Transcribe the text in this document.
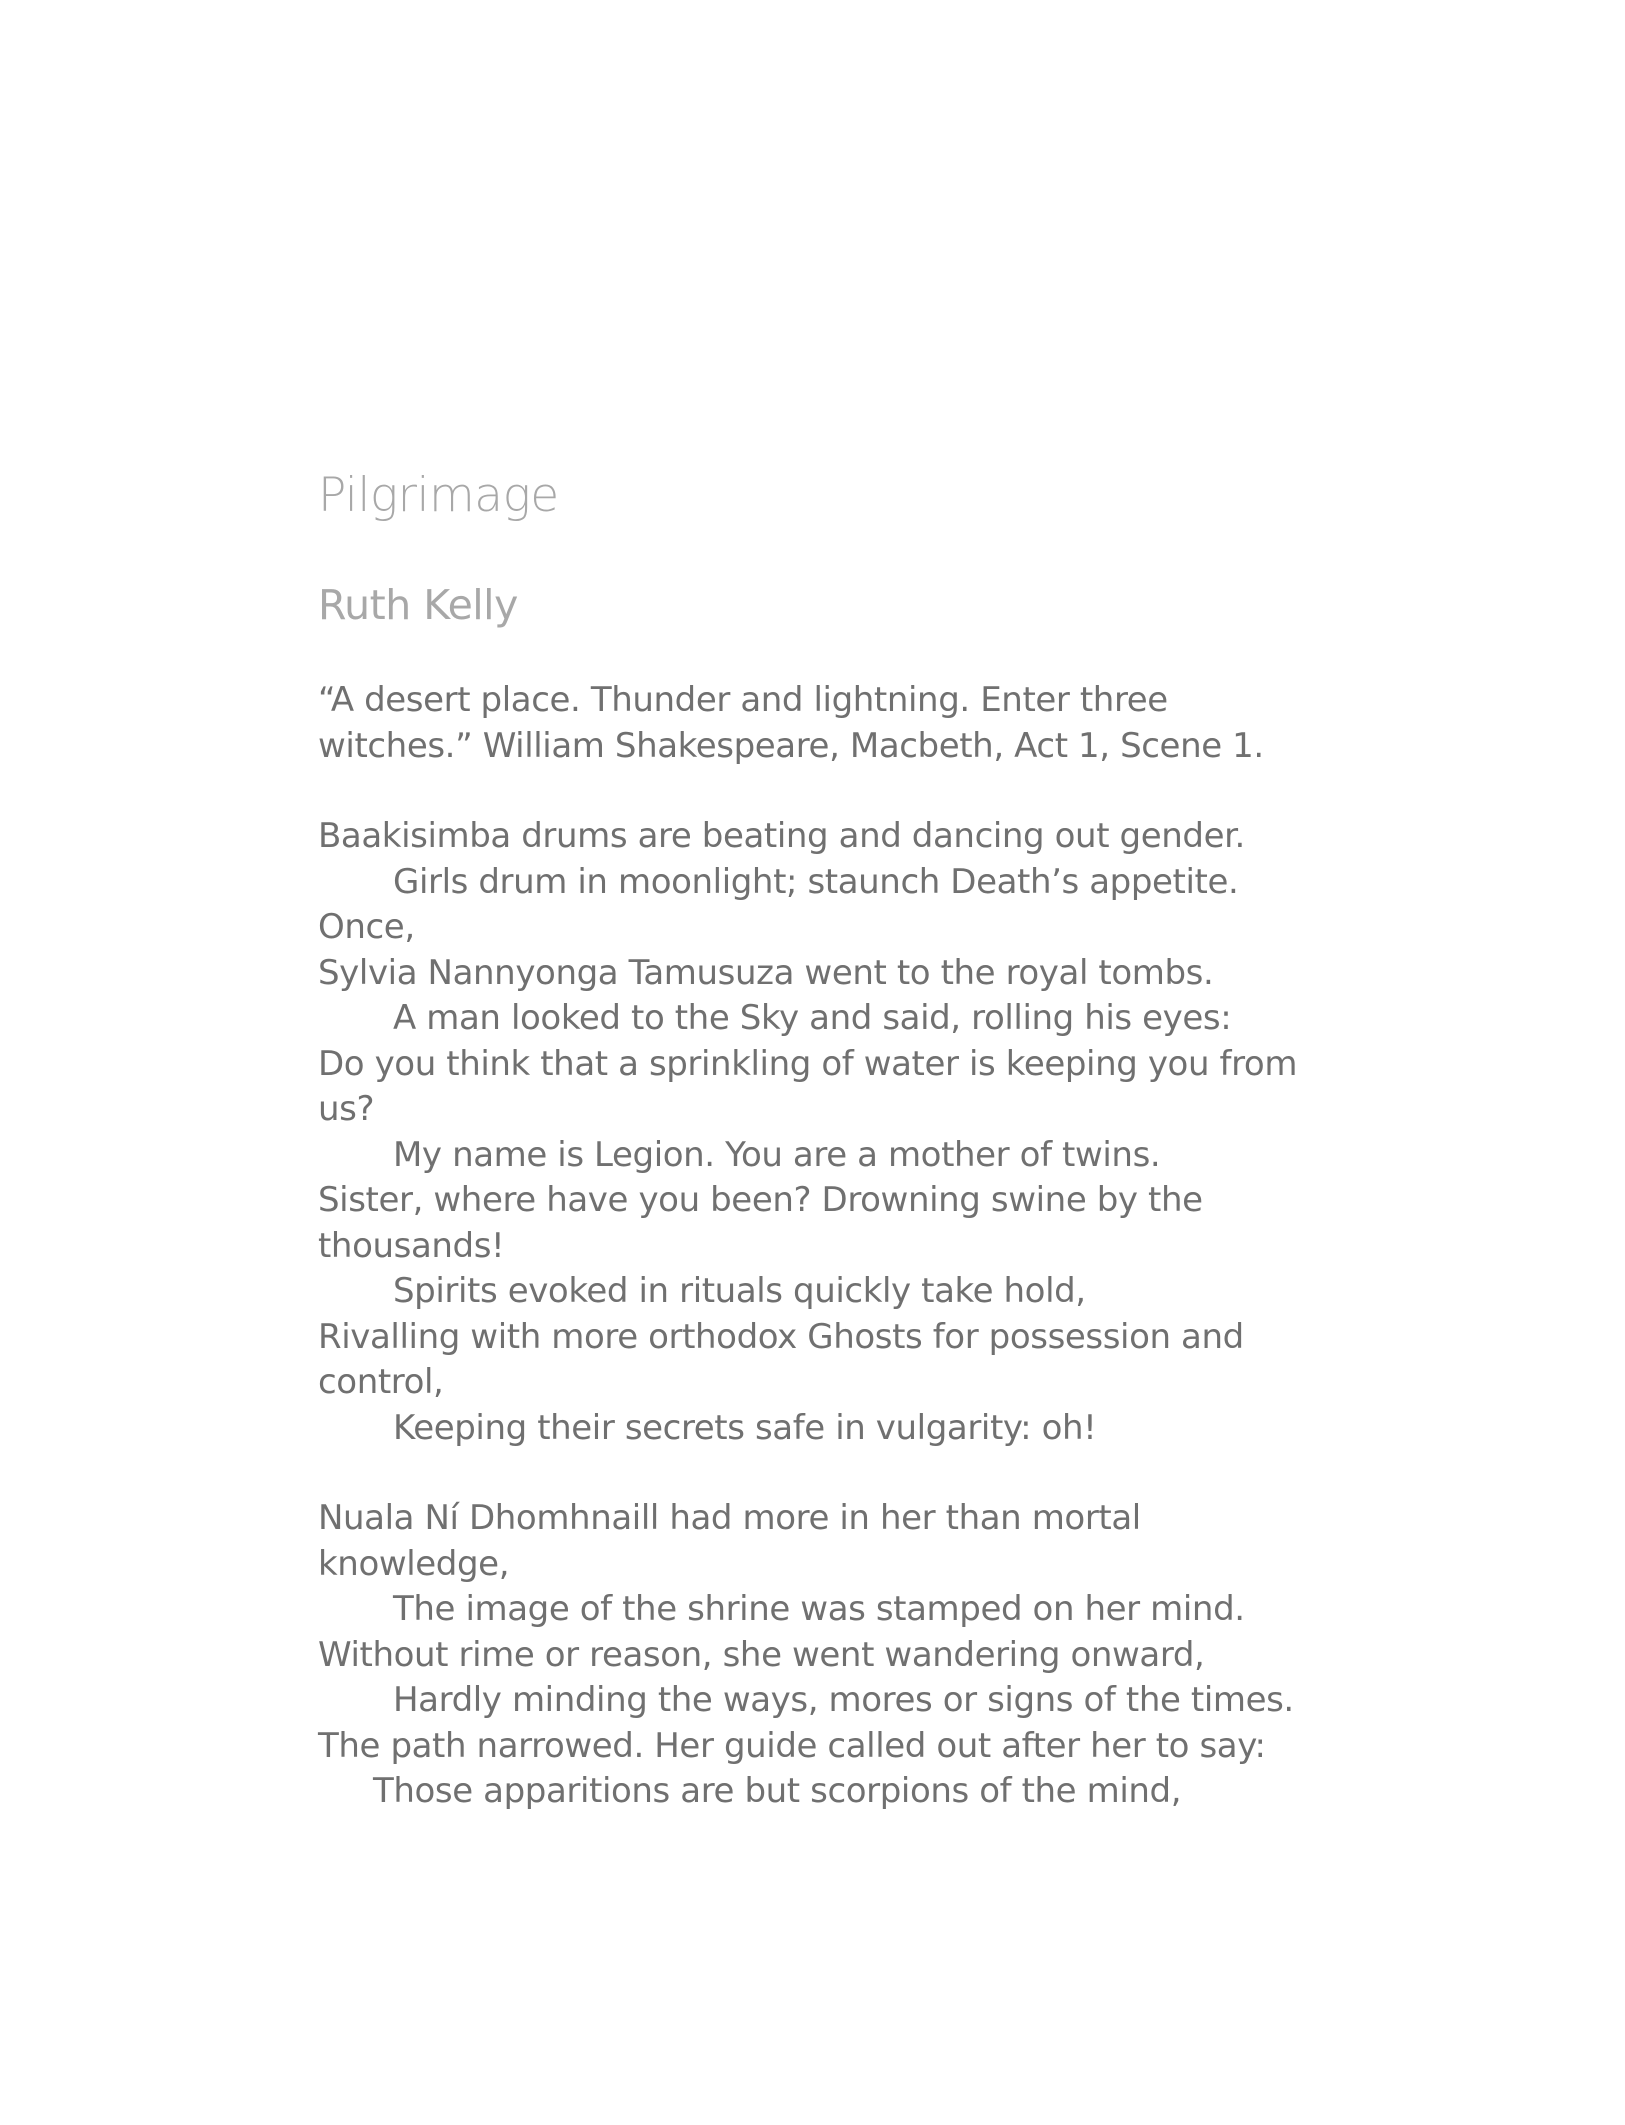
Pilgrimage
Ruth Kelly
“A desert place. Thunder and lightning. Enter three
witches.” William Shakespeare, Macbeth, Act 1, Scene 1.
Baakisimba drums are beating and dancing out gender.
Girls drum in moonlight; staunch Death’s appetite.
Once,
Sylvia Nannyonga Tamusuza went to the royal tombs.
A man looked to the Sky and said, rolling his eyes:
Do you think that a sprinkling of water is keeping you from
us?
My name is Legion. You are a mother of twins.
Sister, where have you been? Drowning swine by the
thousands!
Spirits evoked in rituals quickly take hold,
Rivalling with more orthodox Ghosts for possession and
control,
Keeping their secrets safe in vulgarity: oh!
Nuala Ní Dhomhnaill had more in her than mortal
knowledge,
The image of the shrine was stamped on her mind.
Without rime or reason, she went wandering onward,
Hardly minding the ways, mores or signs of the times.
The path narrowed. Her guide called out after her to say:
Those apparitions are but scorpions of the mind,
